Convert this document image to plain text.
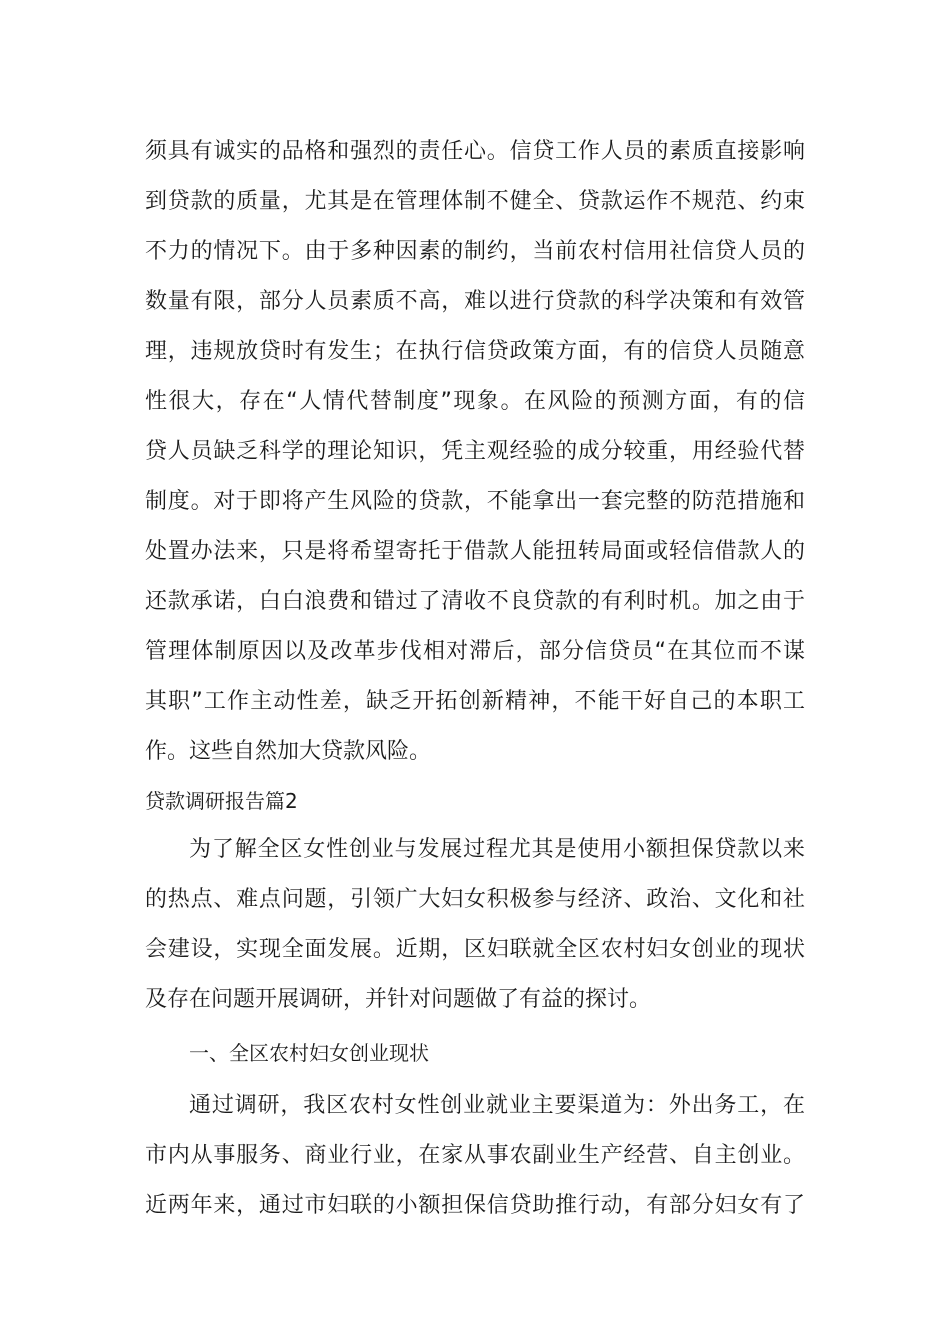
须具有诚实的品格和强烈的责任心。信贷工作人员的素质直接影响
到贷款的质量，尤其是在管理体制不健全、贷款运作不规范、约束
不力的情况下。由于多种因素的制约，当前农村信用社信贷人员的
数量有限，部分人员素质不高，难以进行贷款的科学决策和有效管
理，违规放贷时有发生；在执行信贷政策方面，有的信贷人员随意
性很大，存在“人情代替制度”现象。在风险的预测方面，有的信
贷人员缺乏科学的理论知识，凭主观经验的成分较重，用经验代替
制度。对于即将产生风险的贷款，不能拿出一套完整的防范措施和
处置办法来，只是将希望寄托于借款人能扭转局面或轻信借款人的
还款承诺，白白浪费和错过了清收不良贷款的有利时机。加之由于
管理体制原因以及改革步伐相对滞后，部分信贷员“在其位而不谋
其职”工作主动性差，缺乏开拓创新精神，不能干好自己的本职工
作。这些自然加大贷款风险。
贷款调研报告篇2
为了解全区女性创业与发展过程尤其是使用小额担保贷款以来
的热点、难点问题，引领广大妇女积极参与经济、政治、文化和社
会建设，实现全面发展。近期，区妇联就全区农村妇女创业的现状
及存在问题开展调研，并针对问题做了有益的探讨。
一、全区农村妇女创业现状
通过调研，我区农村女性创业就业主要渠道为：外出务工，在
市内从事服务、商业行业，在家从事农副业生产经营、自主创业。
近两年来，通过市妇联的小额担保信贷助推行动，有部分妇女有了
